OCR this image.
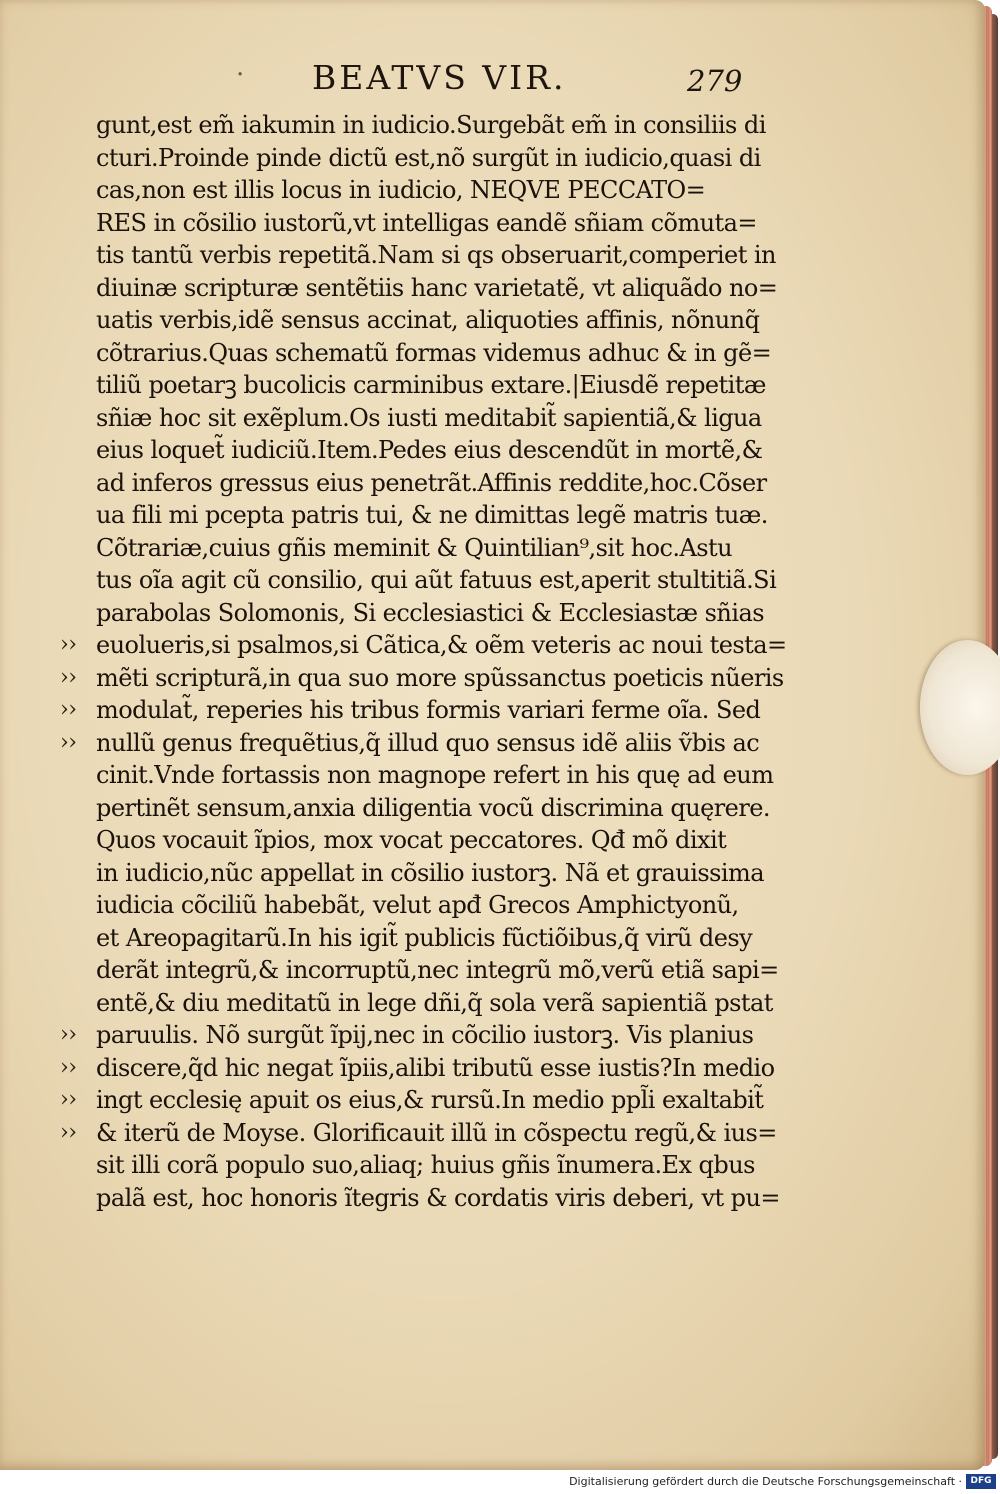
· BEATVS VIR.	279
gunt,est em̃ iakumin in iudicio.Surgebãt em̃ in consiliis di
cturi.Proinde pinde dictũ est,nõ surgũt in iudicio,quasi di
cas,non est illis locus in iudicio, NEQVE PECCATO=
RES in cõsilio iustorũ,vt intelligas eandẽ sñiam cõmuta=
tis tantũ verbis repetitã.Nam si qs obseruarit,comperiet in
diuinæ scripturæ sentẽtiis hanc varietatẽ, vt aliquãdo no=
uatis verbis,idẽ sensus accinat, aliquoties affinis, nõnunq̃
cõtrarius.Quas schematũ formas videmus adhuc & in gẽ=
tiliũ poetarꝫ bucolicis carminibus extare.|Eiusdẽ repetitæ
sñiæ hoc sit exẽplum.Os iusti meditabit̃ sapientiã,& ligua
eius loquet̃ iudiciũ.Item.Pedes eius descendũt in mortẽ,&
ad inferos gressus eius penetrãt.Affinis reddite,hoc.Cõser
ua fili mi pcepta patris tui, & ne dimittas legẽ matris tuæ.
Cõtrariæ,cuius gñis meminit & Quintilian⁹,sit hoc.Astu
tus oĩa agit cũ consilio, qui aũt fatuus est,aperit stultitiã.Si
parabolas Solomonis, Si ecclesiastici & Ecclesiastæ sñias
›› euolueris,si psalmos,si Cãtica,& oẽm veteris ac noui testa=
›› mẽti scripturã,in qua suo more spũssanctus poeticis nũeris
›› modulat̃, reperies his tribus formis variari ferme oĩa. Sed
›› nullũ genus frequẽtius,q̃ illud quo sensus idẽ aliis ṽbis ac
cinit.Vnde fortassis non magnope refert in his quę ad eum
pertinẽt sensum,anxia diligentia vocũ discrimina quęrere.
Quos vocauit ĩpios, mox vocat peccatores. Qđ mõ dixit
in iudicio,nũc appellat in cõsilio iustorꝫ. Nã et grauissima
iudicia cõciliũ habebãt, velut apđ Grecos Amphictyonũ,
et Areopagitarũ.In his igit̃ publicis fũctiõibus,q̃ virũ desy
derãt integrũ,& incorruptũ,nec integrũ mõ,verũ etiã sapi=
entẽ,& diu meditatũ in lege dñi,q̃ sola verã sapientiã pstat
›› paruulis. Nõ surgũt ĩpij,nec in cõcilio iustorꝫ. Vis planius
›› discere,q̃d hic negat ĩpiis,alibi tributũ esse iustis?In medio
›› ingt ecclesię apuit os eius,& rursũ.In medio ppl̃i exaltabit̃
›› & iterũ de Moyse. Glorificauit illũ in cõspectu regũ,& ius=
sit illi corã populo suo,aliaq; huius gñis ĩnumera.Ex qbus
palã est, hoc honoris ĩtegris & cordatis viris deberi, vt pu=
Digitalisierung gefördert durch die Deutsche Forschungsgemeinschaft · DFG
